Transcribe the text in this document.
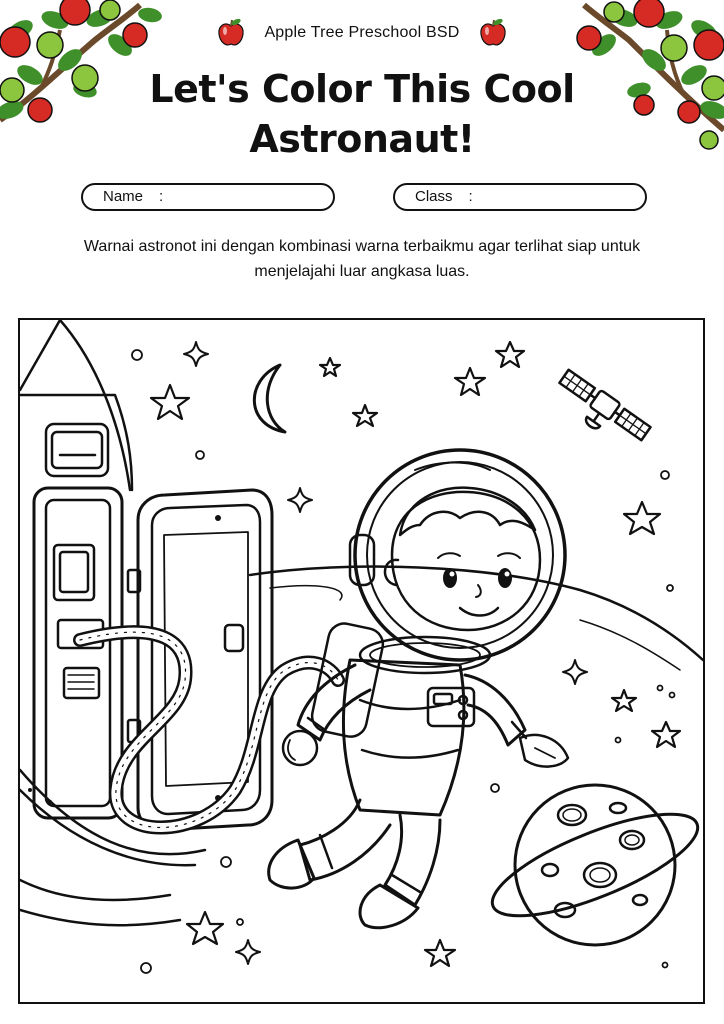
Apple Tree Preschool BSD
Let's Color This Cool Astronaut!
Name :	Class :
Warnai astronot ini dengan kombinasi warna terbaikmu agar terlihat siap untuk menjelajahi luar angkasa luas.
